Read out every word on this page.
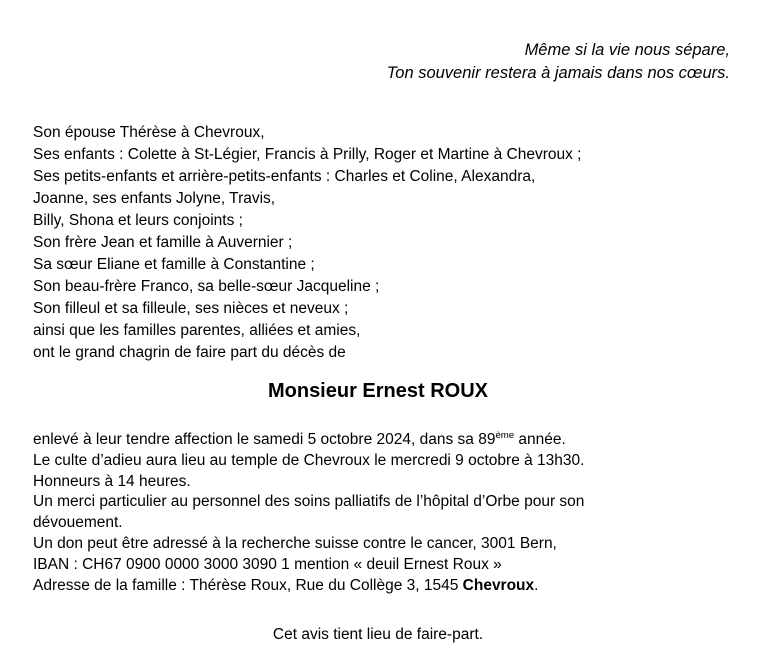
Même si la vie nous sépare,
Ton souvenir restera à jamais dans nos cœurs.
Son épouse Thérèse à Chevroux,
Ses enfants : Colette à St-Légier, Francis à Prilly, Roger et Martine à Chevroux ;
Ses petits-enfants et arrière-petits-enfants : Charles et Coline, Alexandra,
Joanne, ses enfants Jolyne, Travis,
Billy, Shona et leurs conjoints ;
Son frère Jean et famille à Auvernier ;
Sa sœur Eliane et famille à Constantine ;
Son beau-frère Franco, sa belle-sœur Jacqueline ;
Son filleul et sa filleule, ses nièces et neveux ;
ainsi que les familles parentes, alliées et amies,
ont le grand chagrin de faire part du décès de
Monsieur Ernest ROUX
enlevé à leur tendre affection le samedi 5 octobre 2024, dans sa 89ème année.
Le culte d’adieu aura lieu au temple de Chevroux le mercredi 9 octobre à 13h30.
Honneurs à 14 heures.
Un merci particulier au personnel des soins palliatifs de l’hôpital d’Orbe pour son
dévouement.
Un don peut être adressé à la recherche suisse contre le cancer, 3001 Bern,
IBAN : CH67 0900 0000 3000 3090 1 mention « deuil Ernest Roux »
Adresse de la famille : Thérèse Roux, Rue du Collège 3, 1545 Chevroux.
Cet avis tient lieu de faire-part.
